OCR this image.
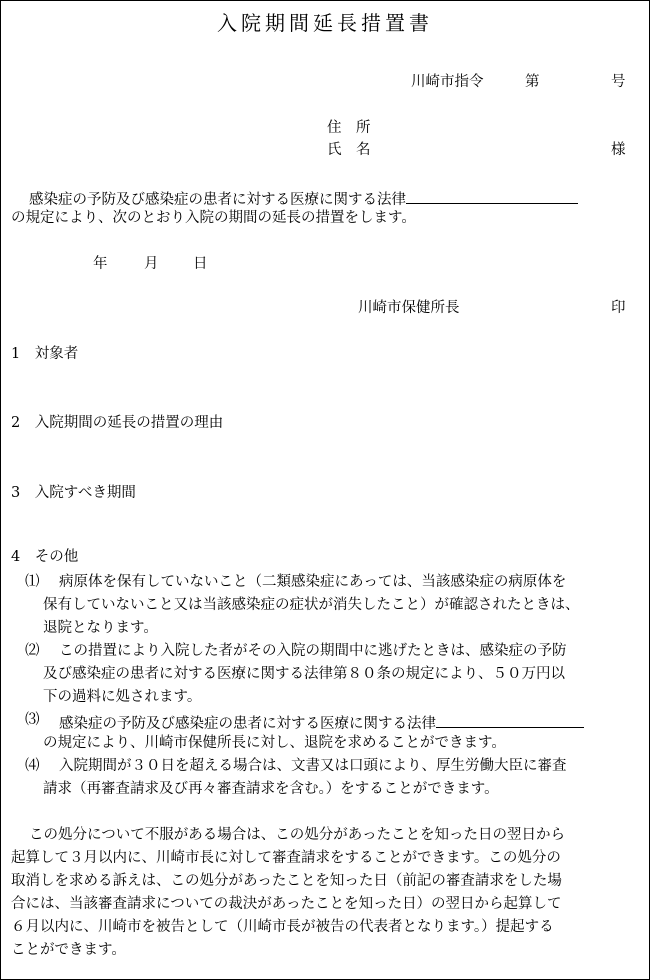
入院期間延長措置書
川崎市指令	第	号
住　所
氏　名	様
感染症の予防及び感染症の患者に対する医療に関する法律
の規定により、次のとおり入院の期間の延長の措置をします。
年	月 日
川崎市保健所長	印
1　対象者
2　入院期間の延長の措置の理由
3　入院すべき期間
4　その他
⑴ 病原体を保有していないこと（二類感染症にあっては、当該感染症の病原体を
保有していないこと又は当該感染症の症状が消失したこと）が確認されたときは、
退院となります。
⑵ この措置により入院した者がその入院の期間中に逃げたときは、感染症の予防
及び感染症の患者に対する医療に関する法律第８０条の規定により、５０万円以
下の過料に処されます。
⑶ 感染症の予防及び感染症の患者に対する医療に関する法律
の規定により、川崎市保健所長に対し、退院を求めることができます。
⑷ 入院期間が３０日を超える場合は、文書又は口頭により、厚生労働大臣に審査
請求（再審査請求及び再々審査請求を含む。）をすることができます。
この処分について不服がある場合は、この処分があったことを知った日の翌日から
起算して３月以内に、川崎市長に対して審査請求をすることができます。この処分の
取消しを求める訴えは、この処分があったことを知った日（前記の審査請求をした場
合には、当該審査請求についての裁決があったことを知った日）の翌日から起算して
６月以内に、川崎市を被告として（川崎市長が被告の代表者となります。）提起する
ことができます。
